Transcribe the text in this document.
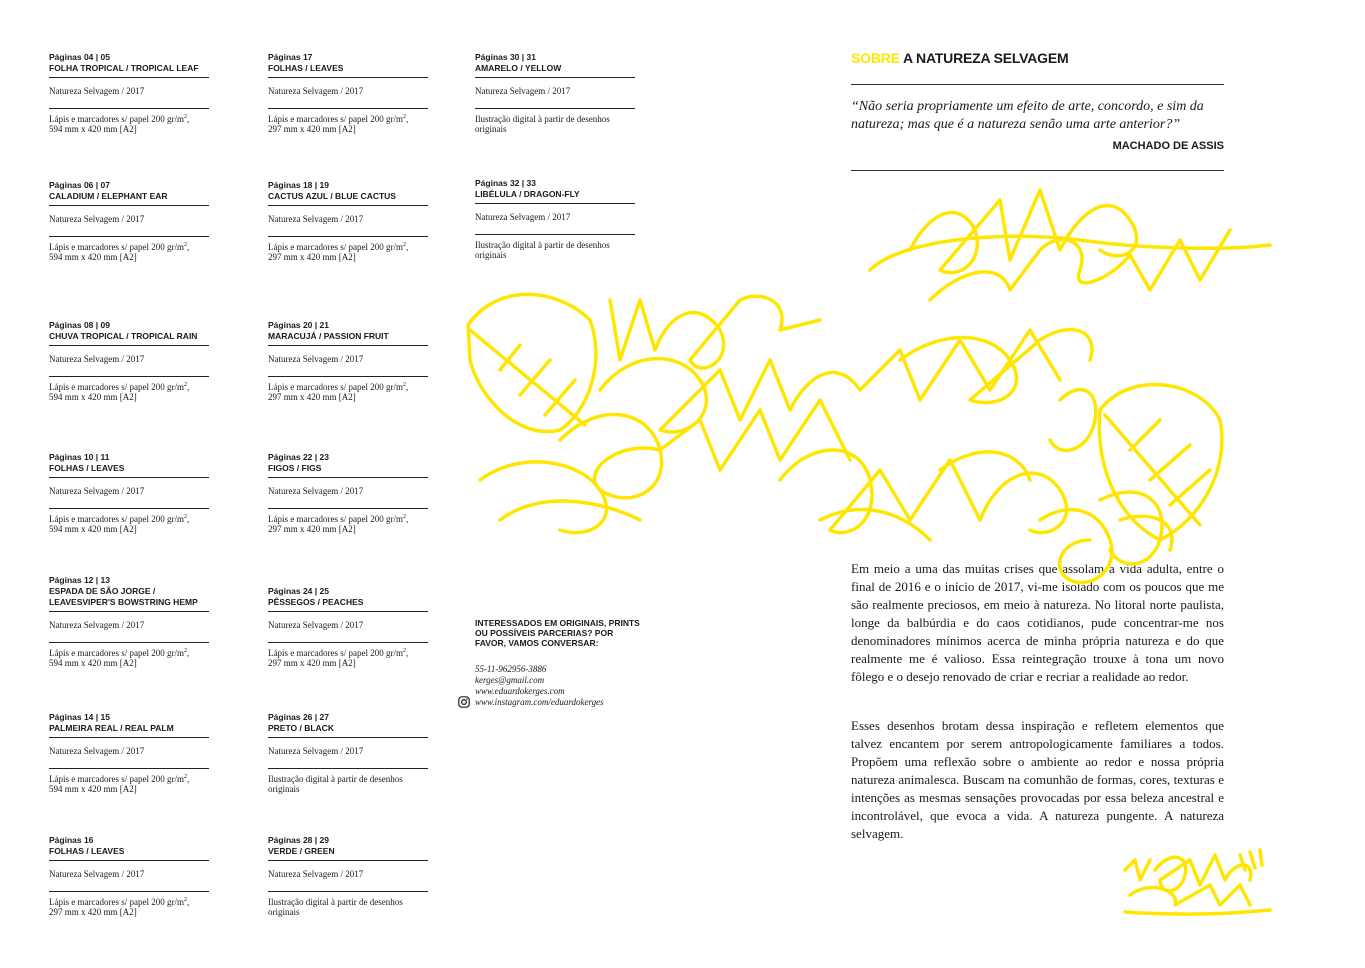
Páginas 04 | 05
FOLHA TROPICAL / TROPICAL LEAF
Natureza Selvagem / 2017
Lápis e marcadores s/ papel 200 $gr/m^2$,
594 mm x 420 mm [A2]
Páginas 06 | 07
CALADIUM / ELEPHANT EAR
Natureza Selvagem / 2017
Lápis e marcadores s/ papel 200 $gr/m^2$,
594 mm x 420 mm [A2]
Páginas 08 | 09
CHUVA TROPICAL / TROPICAL RAIN
Natureza Selvagem / 2017
Lápis e marcadores s/ papel 200 $gr/m^2$,
594 mm x 420 mm [A2]
Páginas 10 | 11
FOLHAS / LEAVES
Natureza Selvagem / 2017
Lápis e marcadores s/ papel 200 $gr/m^2$,
594 mm x 420 mm [A2]
Páginas 12 | 13
ESPADA DE SÃO JORGE / LEAVESVIPER'S BOWSTRING HEMP
Natureza Selvagem / 2017
Lápis e marcadores s/ papel 200 $gr/m^2$,
594 mm x 420 mm [A2]
Páginas 14 | 15
PALMEIRA REAL / REAL PALM
Natureza Selvagem / 2017
Lápis e marcadores s/ papel 200 $gr/m^2$,
594 mm x 420 mm [A2]
Páginas 16
FOLHAS / LEAVES
Natureza Selvagem / 2017
Lápis e marcadores s/ papel 200 $gr/m^2$,
297 mm x 420 mm [A2]
Páginas 17
FOLHAS / LEAVES
Natureza Selvagem / 2017
Lápis e marcadores s/ papel 200 $gr/m^2$,
297 mm x 420 mm [A2]
Páginas 18 | 19
CACTUS AZUL / BLUE CACTUS
Natureza Selvagem / 2017
Lápis e marcadores s/ papel 200 $gr/m^2$,
297 mm x 420 mm [A2]
Páginas 20 | 21
MARACUJÁ / PASSION FRUIT
Natureza Selvagem / 2017
Lápis e marcadores s/ papel 200 $gr/m^2$,
297 mm x 420 mm [A2]
Páginas 22 | 23
FIGOS / FIGS
Natureza Selvagem / 2017
Lápis e marcadores s/ papel 200 $gr/m^2$,
297 mm x 420 mm [A2]
Páginas 24 | 25
PÊSSEGOS / PEACHES
Natureza Selvagem / 2017
Lápis e marcadores s/ papel 200 $gr/m^2$,
297 mm x 420 mm [A2]
Páginas 26 | 27
PRETO / BLACK
Natureza Selvagem / 2017
Ilustração digital à partir de desenhos
originais
Páginas 28 | 29
VERDE / GREEN
Natureza Selvagem / 2017
Ilustração digital à partir de desenhos
originais
Páginas 30 | 31
AMARELO / YELLOW
Natureza Selvagem / 2017
Ilustração digital à partir de desenhos
originais
Páginas 32 | 33
LIBÉLULA / DRAGON-FLY
Natureza Selvagem / 2017
Ilustração digital à partir de desenhos
originais
INTERESSADOS EM ORIGINAIS, PRINTS OU POSSÍVEIS PARCERIAS? POR FAVOR, VAMOS CONVERSAR:
55-11-962956-3886
kerges@gmail.com
www.eduardokerges.com
www.instagram.com/eduardokerges
SOBRE A NATUREZA SELVAGEM
“Não seria propriamente um efeito de arte, concordo, e sim da natureza; mas que é a natureza senão uma arte anterior?”
MACHADO DE ASSIS
Em meio a uma das muitas crises que assolam a vida adulta, entre o final de 2016 e o início de 2017, vi-me isolado com os poucos que me são realmente preciosos, em meio à natureza. No litoral norte paulista, longe da balbúrdia e do caos cotidianos, pude concentrar-me nos denominadores mínimos acerca de minha própria natureza e do que realmente me é valioso. Essa reintegração trouxe à tona um novo fôlego e o desejo renovado de criar e recriar a realidade ao redor.
Esses desenhos brotam dessa inspiração e refletem elementos que talvez encantem por serem antropologicamente familiares a todos. Propõem uma reflexão sobre o ambiente ao redor e nossa própria natureza animalesca. Buscam na comunhão de formas, cores, texturas e intenções as mesmas sensações provocadas por essa beleza ancestral e incontrolável, que evoca a vida. A natureza pungente. A natureza selvagem.
